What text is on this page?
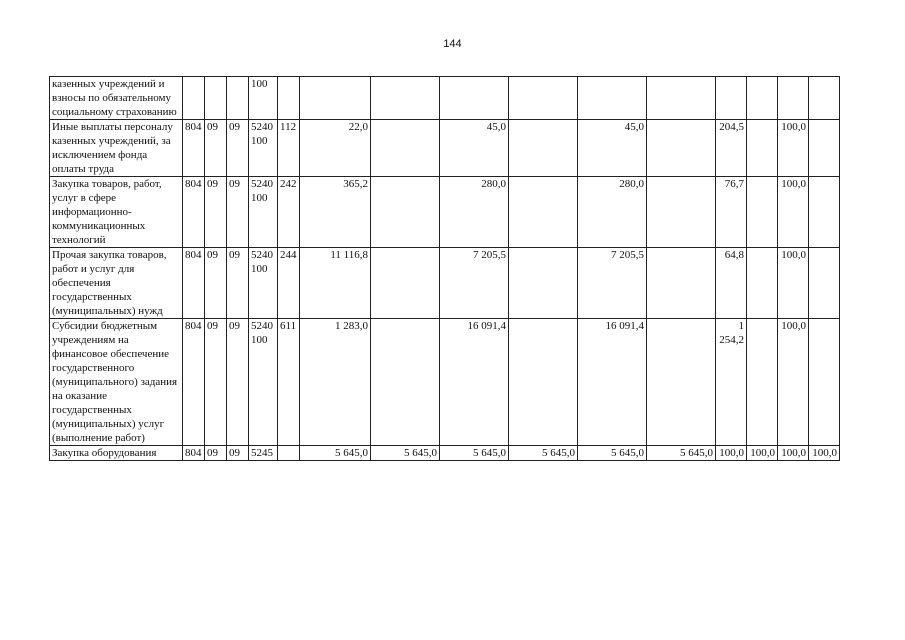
144
казенных учреждений и взносы по обязательному социальному страхованию				100											
Иные выплаты персоналу казенных учреждений, за исключением фонда оплаты труда	804	09	09	5240 100	112	22,0		45,0		45,0		204,5		100,0	
Закупка товаров, работ, услуг в сфере информационно-коммуникационных технологий	804	09	09	5240 100	242	365,2		280,0		280,0		76,7		100,0	
Прочая закупка товаров, работ и услуг для обеспечения государственных (муниципальных) нужд	804	09	09	5240 100	244	11 116,8		7 205,5		7 205,5		64,8		100,0	
Субсидии бюджетным учреждениям на финансовое обеспечение государственного (муниципального) задания на оказание государственных (муниципальных) услуг (выполнение работ)	804	09	09	5240 100	611	1 283,0		16 091,4		16 091,4		1 254,2		100,0	
Закупка оборудования	804	09	09	5245		5 645,0	5 645,0	5 645,0	5 645,0	5 645,0	5 645,0	100,0	100,0	100,0	100,0
